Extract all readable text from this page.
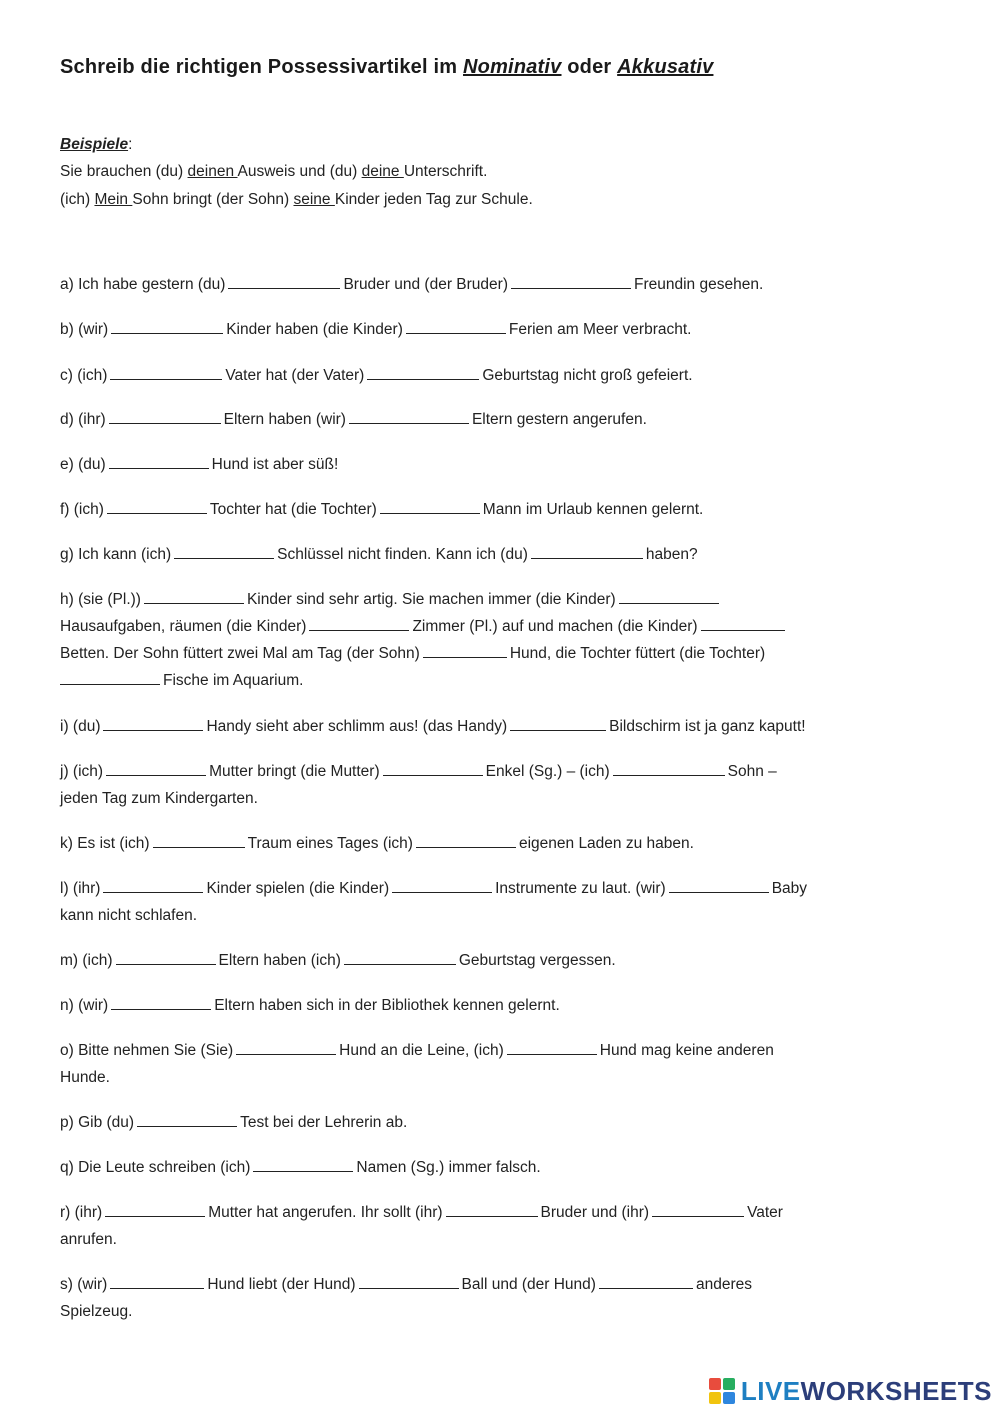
Schreib die richtigen Possessivartikel im Nominativ oder Akkusativ
Beispiele:
Sie brauchen (du) deinen Ausweis und (du) deine Unterschrift.
(ich) Mein Sohn bringt (der Sohn) seine Kinder jeden Tag zur Schule.
a) Ich habe gestern (du)	Bruder und (der Bruder)	Freundin gesehen.
b) (wir)	Kinder haben (die Kinder)	Ferien am Meer verbracht.
c) (ich)	Vater hat (der Vater)	Geburtstag nicht groß gefeiert.
d) (ihr)	Eltern haben (wir)	Eltern gestern angerufen.
e) (du)	Hund ist aber süß!
f) (ich)	Tochter hat (die Tochter)	Mann im Urlaub kennen gelernt.
g) Ich kann (ich)	Schlüssel nicht finden. Kann ich (du)	haben?
h) (sie (Pl.))	Kinder sind sehr artig. Sie machen immer (die Kinder)
Hausaufgaben, räumen (die Kinder)	Zimmer (Pl.) auf und machen (die Kinder)
Betten. Der Sohn füttert zwei Mal am Tag (der Sohn)	Hund, die Tochter füttert (die Tochter)
Fische im Aquarium.
i) (du)	Handy sieht aber schlimm aus! (das Handy)	Bildschirm ist ja ganz kaputt!
j) (ich)	Mutter bringt (die Mutter)	Enkel (Sg.) – (ich)	Sohn –
jeden Tag zum Kindergarten.
k) Es ist (ich)	Traum eines Tages (ich)	eigenen Laden zu haben.
l) (ihr)	Kinder spielen (die Kinder)	Instrumente zu laut. (wir)	Baby
kann nicht schlafen.
m) (ich)	Eltern haben (ich)	Geburtstag vergessen.
n) (wir)	Eltern haben sich in der Bibliothek kennen gelernt.
o) Bitte nehmen Sie (Sie)	Hund an die Leine, (ich)	Hund mag keine anderen
Hunde.
p) Gib (du)	Test bei der Lehrerin ab.
q) Die Leute schreiben (ich)	Namen (Sg.) immer falsch.
r) (ihr)	Mutter hat angerufen. Ihr sollt (ihr)	Bruder und (ihr)	Vater
anrufen.
s) (wir)	Hund liebt (der Hund)	Ball und (der Hund)	anderes
Spielzeug.
LIVEWORKSHEETS
